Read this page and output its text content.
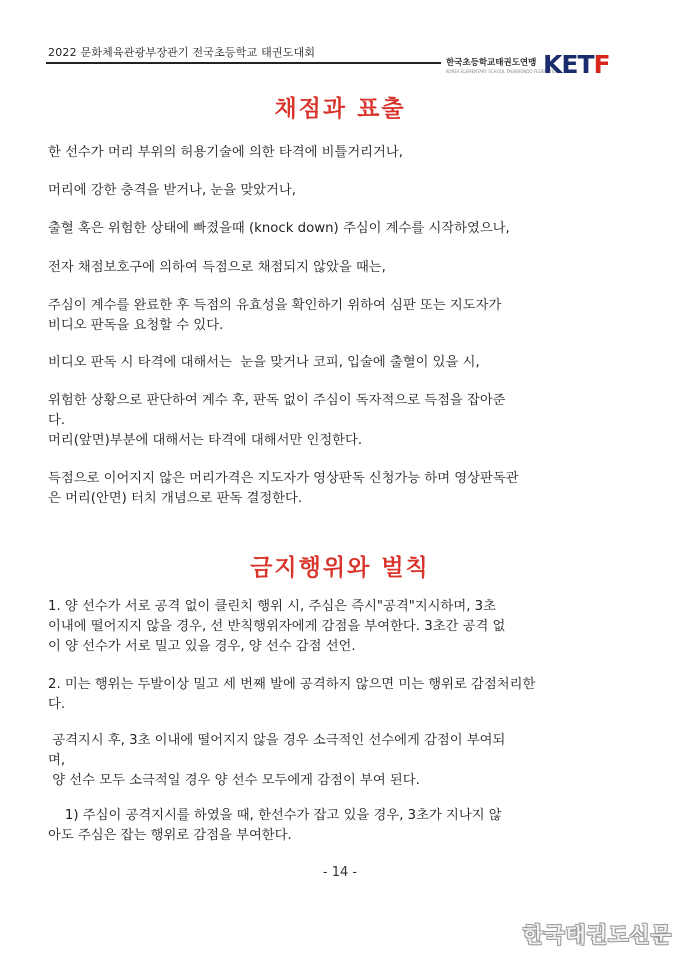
2022 문화체육관광부장관기 전국초등학교 태권도대회
한국초등학교태권도연맹
KOREA ELEMENTARY SCHOOL TAEKWONDO FEDERATION
KETF
채점과 표출
한 선수가 머리 부위의 허용기술에 의한 타격에 비틀거리거나,
머리에 강한 충격을 받거나, 눈을 맞았거나,
출혈 혹은 위험한 상태에 빠졌을때 (knock down) 주심이 계수를 시작하였으나,
전자 채점보호구에 의하여 득점으로 채점되지 않았을 때는,
주심이 계수를 완료한 후 득점의 유효성을 확인하기 위하여 심판 또는 지도자가
비디오 판독을 요청할 수 있다.
비디오 판독 시 타격에 대해서는  눈을 맞거나 코피, 입술에 출혈이 있을 시,
위험한 상황으로 판단하여 계수 후, 판독 없이 주심이 독자적으로 득점을 잡아준
다.
머리(앞면)부분에 대해서는 타격에 대해서만 인정한다.
득점으로 이어지지 않은 머리가격은 지도자가 영상판독 신청가능 하며 영상판독관
은 머리(안면) 터치 개념으로 판독 결정한다.
금지행위와 벌칙
1. 양 선수가 서로 공격 없이 클린치 행위 시, 주심은 즉시"공격"지시하며, 3초
이내에 떨어지지 않을 경우, 선 반칙행위자에게 감점을 부여한다. 3초간 공격 없
이 양 선수가 서로 밀고 있을 경우, 양 선수 감점 선언.
2. 미는 행위는 두발이상 밀고 세 번째 발에 공격하지 않으면 미는 행위로 감점처리한
다.
공격지시 후, 3초 이내에 떨어지지 않을 경우 소극적인 선수에게 감점이 부여되
며,
양 선수 모두 소극적일 경우 양 선수 모두에게 감점이 부여 된다.
1) 주심이 공격지시를 하였을 때, 한선수가 잡고 있을 경우, 3초가 지나지 않
아도 주심은 잡는 행위로 감점을 부여한다.
- 14 -
한국태권도신문
